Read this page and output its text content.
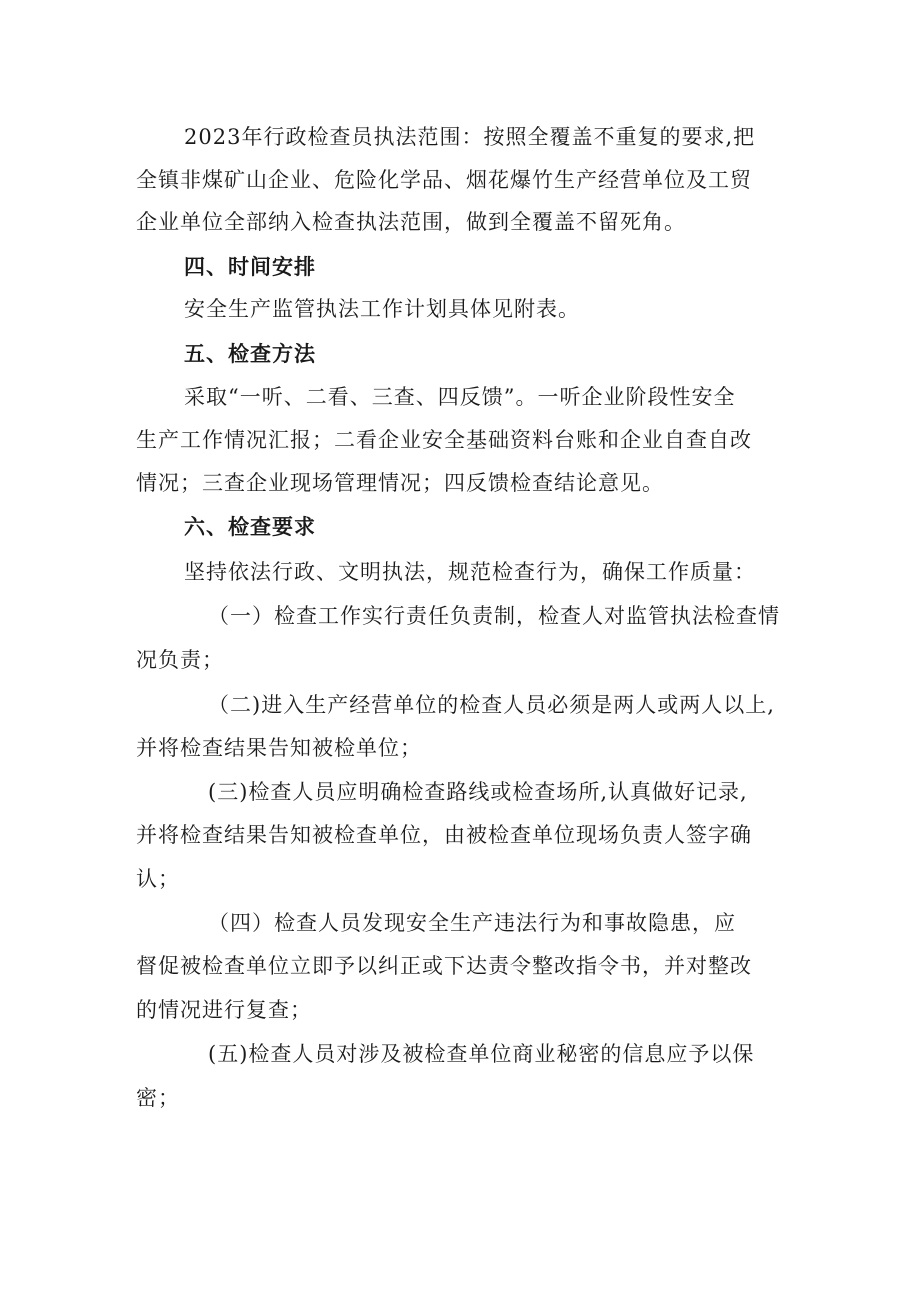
2023年行政检查员执法范围：按照全覆盖不重复的要求,把
全镇非煤矿山企业、危险化学品、烟花爆竹生产经营单位及工贸
企业单位全部纳入检查执法范围，做到全覆盖不留死角。
四、时间安排
安全生产监管执法工作计划具体见附表。
五、检查方法
采取“一听、二看、三查、四反馈”。一听企业阶段性安全
生产工作情况汇报；二看企业安全基础资料台账和企业自查自改
情况；三查企业现场管理情况；四反馈检查结论意见。
六、检查要求
坚持依法行政、文明执法，规范检查行为，确保工作质量：
（一）检查工作实行责任负责制，检查人对监管执法检查情
况负责；
（二)进入生产经营单位的检查人员必须是两人或两人以上,
并将检查结果告知被检单位；
(三)检查人员应明确检查路线或检查场所,认真做好记录,
并将检查结果告知被检查单位，由被检查单位现场负责人签字确
认；
（四）检查人员发现安全生产违法行为和事故隐患，应
督促被检查单位立即予以纠正或下达责令整改指令书，并对整改
的情况进行复查；
(五)检查人员对涉及被检查单位商业秘密的信息应予以保
密；
